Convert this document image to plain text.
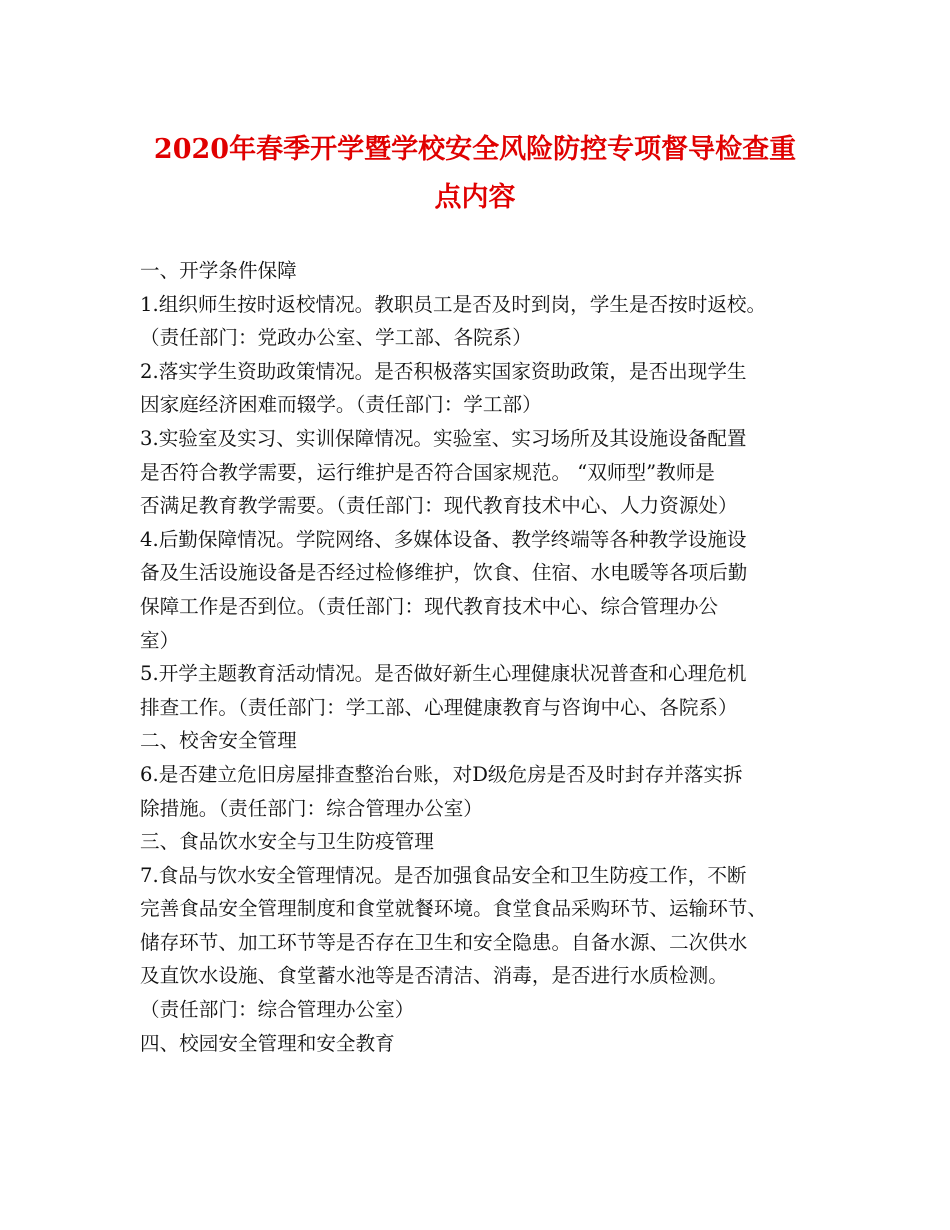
2020年春季开学暨学校安全风险防控专项督导检查重
点内容
一、开学条件保障
1.组织师生按时返校情况。教职员工是否及时到岗，学生是否按时返校。
（责任部门：党政办公室、学工部、各院系）
2.落实学生资助政策情况。是否积极落实国家资助政策，是否出现学生
因家庭经济困难而辍学。（责任部门：学工部）
3.实验室及实习、实训保障情况。实验室、实习场所及其设施设备配置
是否符合教学需要，运行维护是否符合国家规范。 “双师型”教师是
否满足教育教学需要。（责任部门：现代教育技术中心、人力资源处）
4.后勤保障情况。学院网络、多媒体设备、教学终端等各种教学设施设
备及生活设施设备是否经过检修维护，饮食、住宿、水电暖等各项后勤
保障工作是否到位。（责任部门：现代教育技术中心、综合管理办公
室）
5.开学主题教育活动情况。是否做好新生心理健康状况普查和心理危机
排查工作。（责任部门：学工部、心理健康教育与咨询中心、各院系）
二、校舍安全管理
6.是否建立危旧房屋排查整治台账，对D级危房是否及时封存并落实拆
除措施。（责任部门：综合管理办公室）
三、食品饮水安全与卫生防疫管理
7.食品与饮水安全管理情况。是否加强食品安全和卫生防疫工作，不断
完善食品安全管理制度和食堂就餐环境。食堂食品采购环节、运输环节、
储存环节、加工环节等是否存在卫生和安全隐患。自备水源、二次供水
及直饮水设施、食堂蓄水池等是否清洁、消毒，是否进行水质检测。
（责任部门：综合管理办公室）
四、校园安全管理和安全教育
